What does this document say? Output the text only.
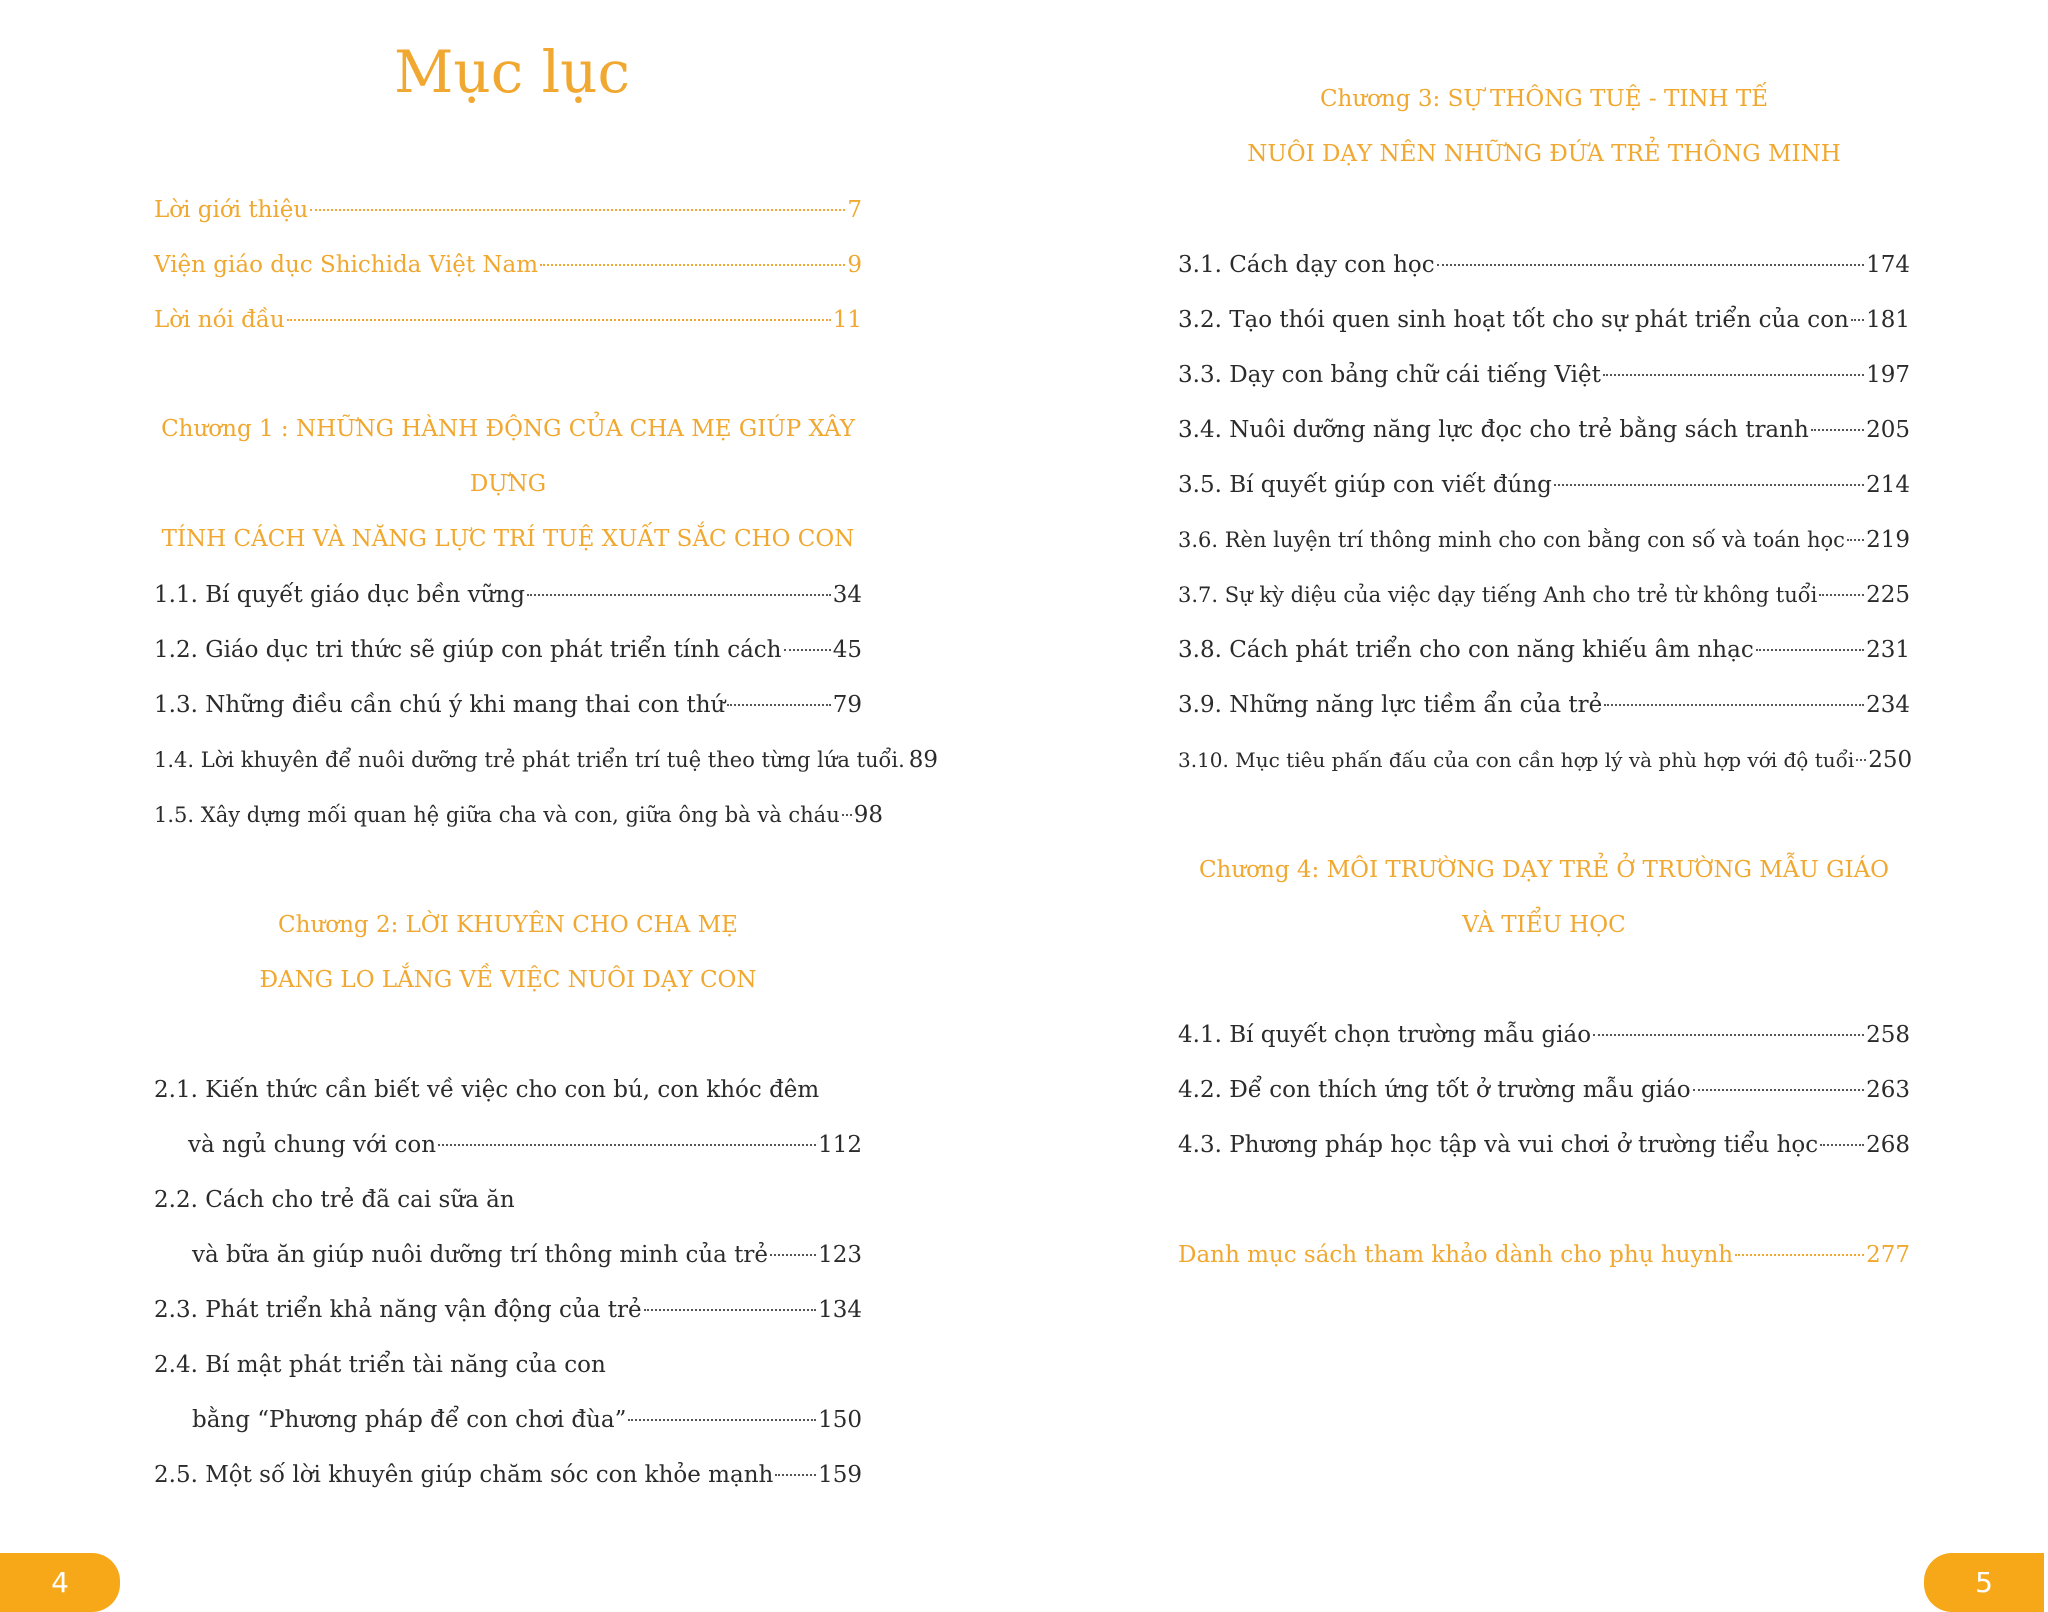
Mục lục
Lời giới thiệu	7
Viện giáo dục Shichida Việt Nam	9
Lời nói đầu	11
Chương 1 : NHỮNG HÀNH ĐỘNG CỦA CHA MẸ GIÚP XÂY DỰNG
TÍNH CÁCH VÀ NĂNG LỰC TRÍ TUỆ XUẤT SẮC CHO CON
1.1. Bí quyết giáo dục bền vững	34
1.2. Giáo dục tri thức sẽ giúp con phát triển tính cách 45
1.3. Những điều cần chú ý khi mang thai con thứ	79
1.4. Lời khuyên để nuôi dưỡng trẻ phát triển trí tuệ theo từng lứa tuổi. 89
1.5. Xây dựng mối quan hệ giữa cha và con, giữa ông bà và cháu 98
Chương 2: LỜI KHUYÊN CHO CHA MẸ
ĐANG LO LẮNG VỀ VIỆC NUÔI DẠY CON
2.1. Kiến thức cần biết về việc cho con bú, con khóc đêm
và ngủ chung với con	112
2.2. Cách cho trẻ đã cai sữa ăn
và bữa ăn giúp nuôi dưỡng trí thông minh của trẻ 123
2.3. Phát triển khả năng vận động của trẻ	134
2.4. Bí mật phát triển tài năng của con
bằng “Phương pháp để con chơi đùa”	150
2.5. Một số lời khuyên giúp chăm sóc con khỏe mạnh 159
4
Chương 3: SỰ THÔNG TUỆ - TINH TẾ
NUÔI DẠY NÊN NHỮNG ĐỨA TRẺ THÔNG MINH
3.1. Cách dạy con học	174
3.2. Tạo thói quen sinh hoạt tốt cho sự phát triển của con 181
3.3. Dạy con bảng chữ cái tiếng Việt	197
3.4. Nuôi dưỡng năng lực đọc cho trẻ bằng sách tranh 205
3.5. Bí quyết giúp con viết đúng	214
3.6. Rèn luyện trí thông minh cho con bằng con số và toán học 219
3.7. Sự kỳ diệu của việc dạy tiếng Anh cho trẻ từ không tuổi 225
3.8. Cách phát triển cho con năng khiếu âm nhạc	231
3.9. Những năng lực tiềm ẩn của trẻ	234
3.10. Mục tiêu phấn đấu của con cần hợp lý và phù hợp với độ tuổi 250
Chương 4: MÔI TRƯỜNG DẠY TRẺ Ở TRƯỜNG MẪU GIÁO
VÀ TIỂU HỌC
4.1. Bí quyết chọn trường mẫu giáo	258
4.2. Để con thích ứng tốt ở trường mẫu giáo	263
4.3. Phương pháp học tập và vui chơi ở trường tiểu học 268
Danh mục sách tham khảo dành cho phụ huynh	277
5
